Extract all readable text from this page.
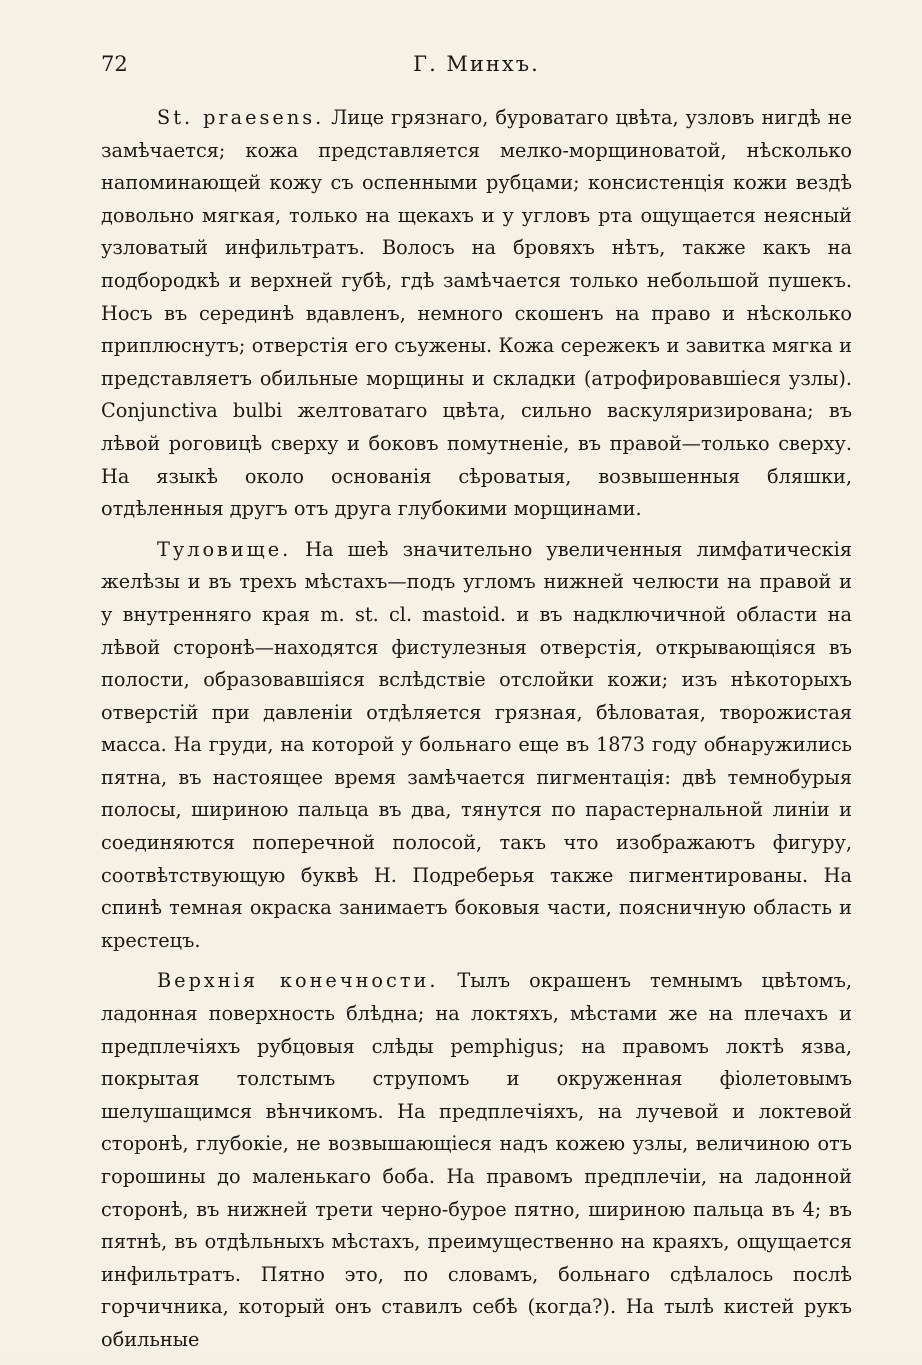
72	Г. Минхъ.

St. praesens. Лице грязнаго, буроватаго цвѣта, узловъ нигдѣ не замѣчается; кожа представляется мелко-морщиноватой, нѣсколько напоминающей кожу съ оспенными рубцами; консистенція кожи вездѣ довольно мягкая, только на щекахъ и у угловъ рта ощущается неясный узловатый инфильтратъ. Волосъ на бровяхъ нѣтъ, также какъ на подбородкѣ и верхней губѣ, гдѣ замѣчается только небольшой пушекъ. Носъ въ серединѣ вдавленъ, немного скошенъ на право и нѣсколько приплюснутъ; отверстія его съужены. Кожа сережекъ и завитка мягка и представляетъ обильные морщины и складки (атрофировавшіеся узлы). Conjunctiva bulbi желтоватаго цвѣта, сильно васкуляризирована; въ лѣвой роговицѣ сверху и боковъ помутненіе, въ правой—только сверху. На языкѣ около основанія сѣроватыя, возвышенныя бляшки, отдѣленныя другъ отъ друга глубокими морщинами.

Туловище. На шеѣ значительно увеличенныя лимфатическія желѣзы и въ трехъ мѣстахъ—подъ угломъ нижней челюсти на правой и у внутренняго края m. st. cl. mastoid. и въ надключичной области на лѣвой сторонѣ—находятся фистулезныя отверстія, открывающіяся въ полости, образовавшіяся вслѣдствіе отслойки кожи; изъ нѣкоторыхъ отверстій при давленіи отдѣляется грязная, бѣловатая, творожистая масса. На груди, на которой у больнаго еще въ 1873 году обнаружились пятна, въ настоящее время замѣчается пигментація: двѣ темнобурыя полосы, шириною пальца въ два, тянутся по парастернальной линіи и соединяются поперечной полосой, такъ что изображаютъ фигуру, соотвѣтствующую буквѣ Н. Подреберья также пигментированы. На спинѣ темная окраска занимаетъ боковыя части, поясничную область и крестецъ.

Верхнія конечности. Тылъ окрашенъ темнымъ цвѣтомъ, ладонная поверхность блѣдна; на локтяхъ, мѣстами же на плечахъ и предплечіяхъ рубцовыя слѣды pemphigus; на правомъ локтѣ язва, покрытая толстымъ струпомъ и окруженная фіолетовымъ шелушащимся вѣнчикомъ. На предплечіяхъ, на лучевой и локтевой сторонѣ, глубокіе, не возвышающіеся надъ кожею узлы, величиною отъ горошины до маленькаго боба. На правомъ предплечіи, на ладонной сторонѣ, въ нижней трети черно-бурое пятно, шириною пальца въ 4; въ пятнѣ, въ отдѣльныхъ мѣстахъ, преимущественно на краяхъ, ощущается инфильтратъ. Пятно это, по словамъ, больнаго сдѣлалось послѣ горчичника, который онъ ставилъ себѣ (когда?). На тылѣ кистей рукъ обильные
